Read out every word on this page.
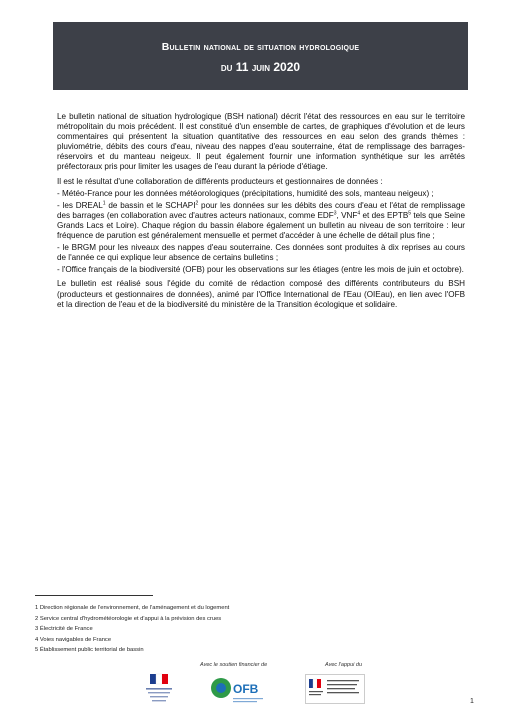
Bulletin national de situation hydrologique
du 11 juin 2020

Le bulletin national de situation hydrologique (BSH national) décrit l'état des ressources en eau sur le territoire métropolitain du mois précédent. Il est constitué d'un ensemble de cartes, de graphiques d'évolution et de leurs commentaires qui présentent la situation quantitative des ressources en eau selon des grands thèmes : pluviométrie, débits des cours d'eau, niveau des nappes d'eau souterraine, état de remplissage des barrages-réservoirs et du manteau neigeux. Il peut également fournir une information synthétique sur les arrêtés préfectoraux pris pour limiter les usages de l'eau durant la période d'étiage.

Il est le résultat d'une collaboration de différents producteurs et gestionnaires de données :

- Météo-France pour les données météorologiques (précipitations, humidité des sols, manteau neigeux) ;

- les DREAL$^1$ de bassin et le SCHAPI$^2$ pour les données sur les débits des cours d'eau et l'état de remplissage des barrages (en collaboration avec d'autres acteurs nationaux, comme EDF$^3$, VNF$^4$ et des EPTB$^5$ tels que Seine Grands Lacs et Loire). Chaque région du bassin élabore également un bulletin au niveau de son territoire : leur fréquence de parution est généralement mensuelle et permet d'accéder à une échelle de détail plus fine ;

- le BRGM pour les niveaux des nappes d'eau souterraine. Ces données sont produites à dix reprises au cours de l'année ce qui explique leur absence de certains bulletins ;

- l'Office français de la biodiversité (OFB) pour les observations sur les étiages (entre les mois de juin et octobre).

Le bulletin est réalisé sous l'égide du comité de rédaction composé des différents contributeurs du BSH (producteurs et gestionnaires de données), animé par l'Office International de l'Eau (OIEau), en lien avec l'OFB et la direction de l'eau et de la biodiversité du ministère de la Transition écologique et solidaire.

1 Direction régionale de l'environnement, de l'aménagement et du logement
2 Service central d'hydrométéorologie et d'appui à la prévision des crues
3 Électricité de France
4 Voies navigables de France
5 Établissement public territorial de bassin
Avec le soutien financier de	Avec l'appui du
OFB
1
